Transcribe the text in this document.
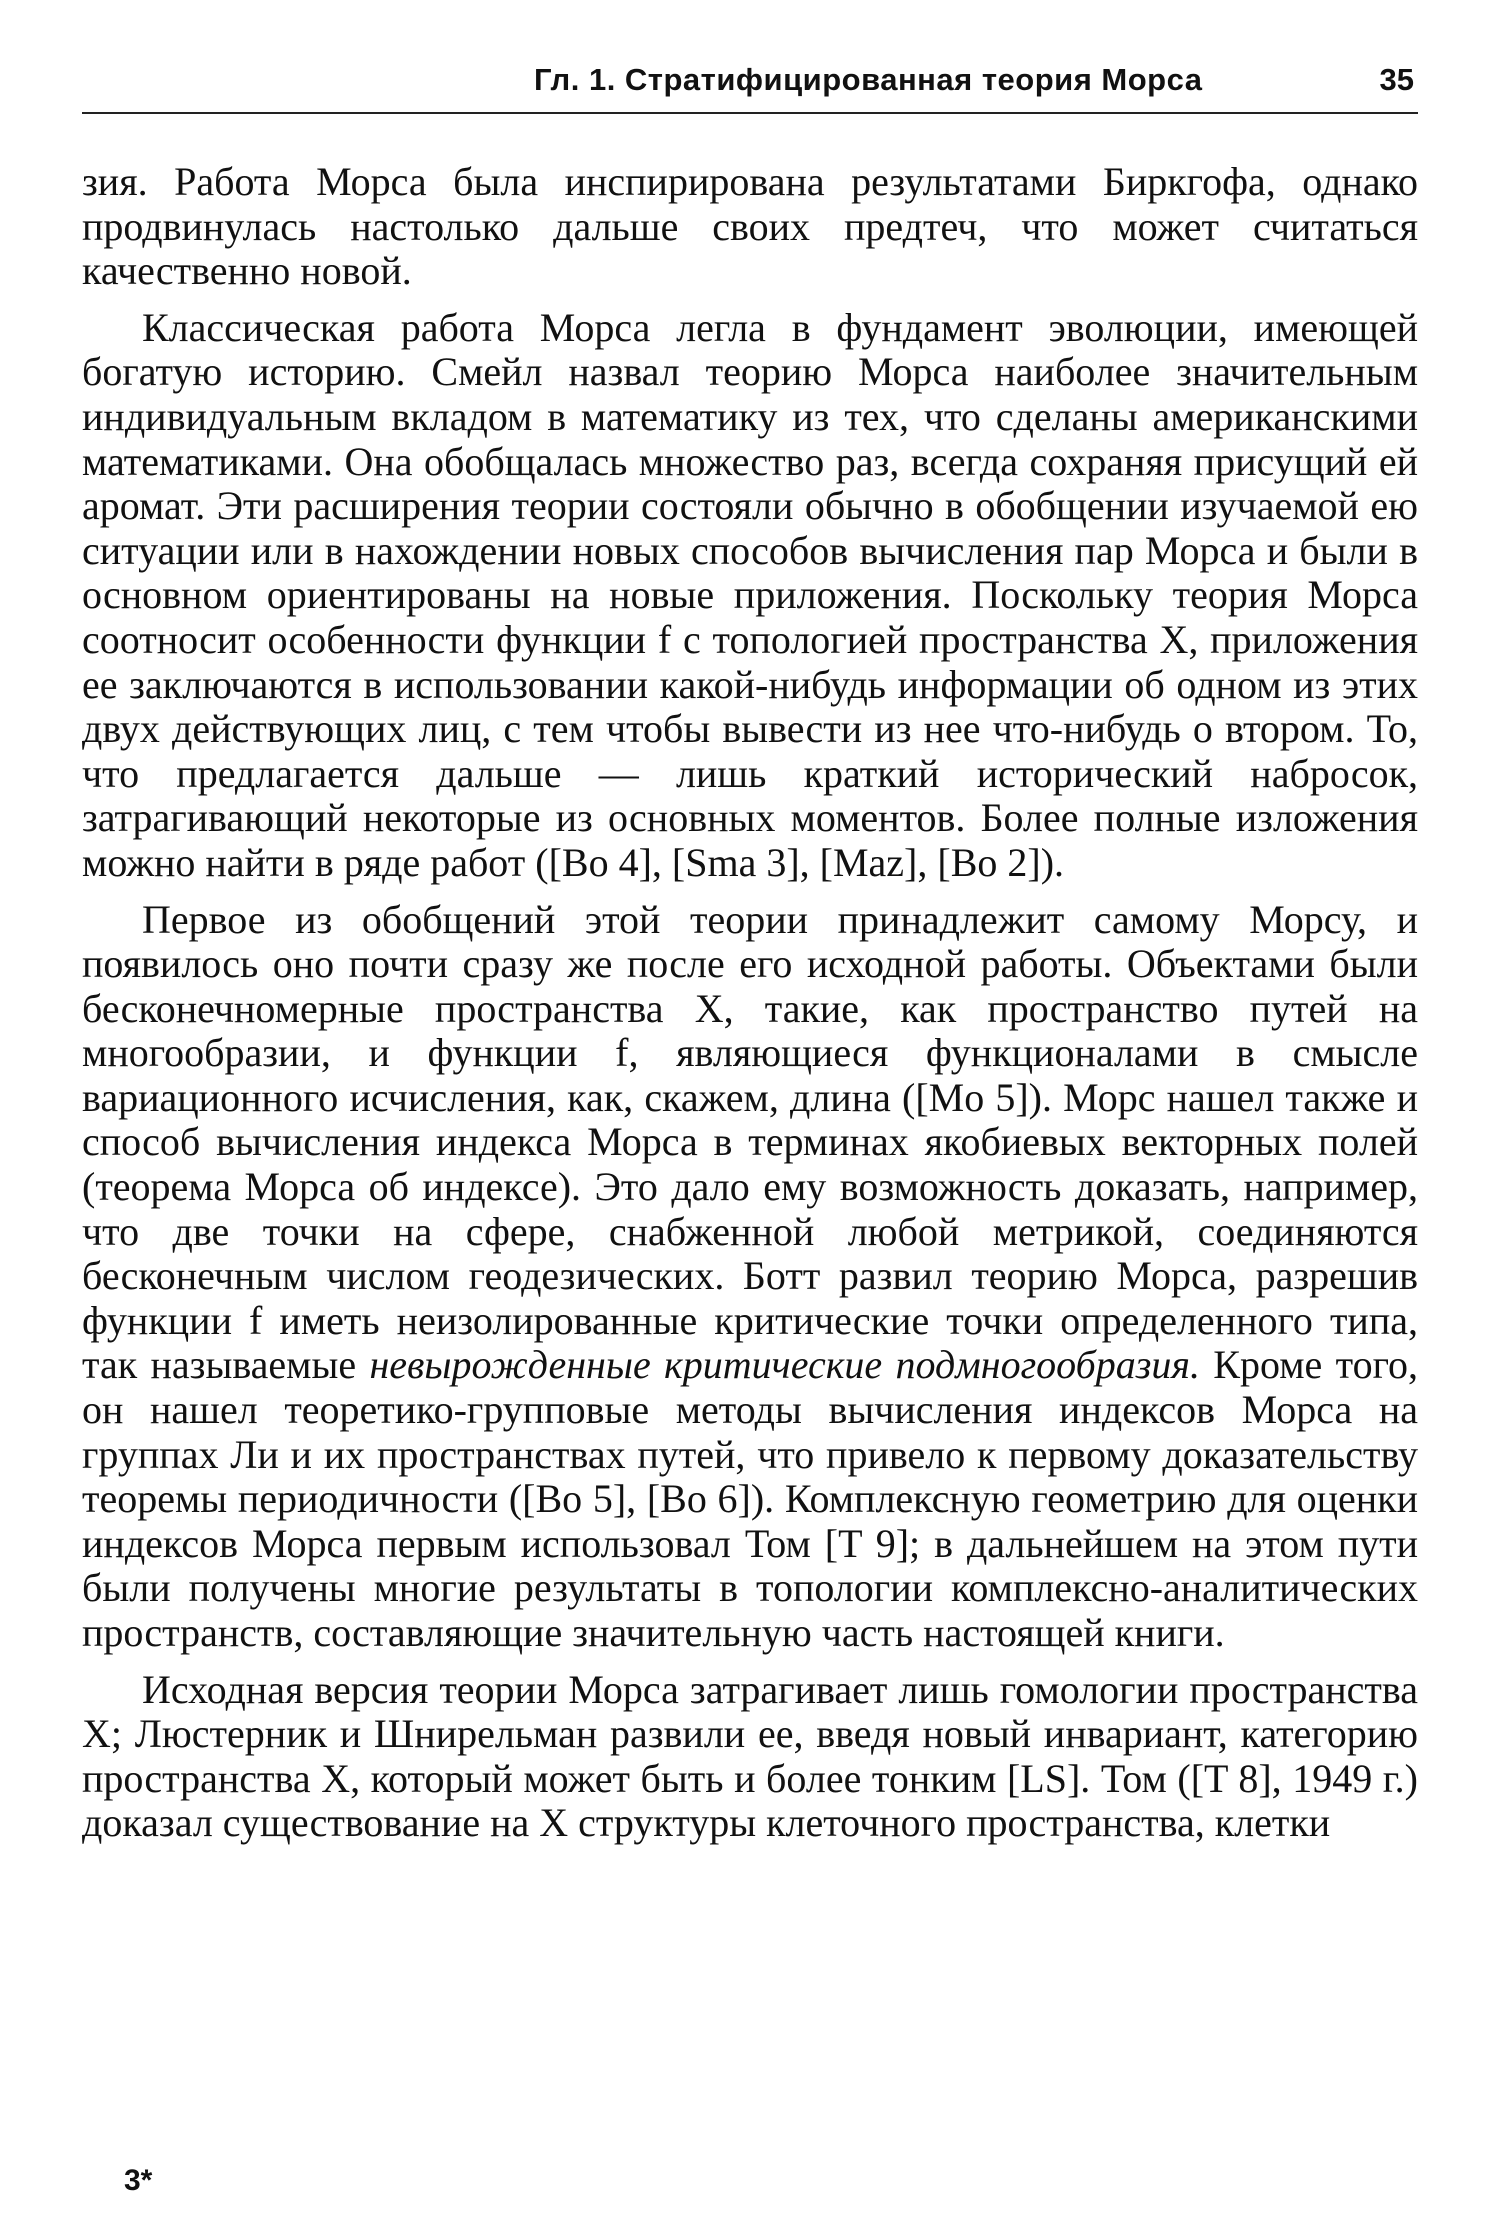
Гл. 1. Стратифицированная теория Морса	35

зия. Работа Морса была инспирирована результатами Биркгофа, однако продвинулась настолько дальше своих предтеч, что может считаться качественно новой.

Классическая работа Морса легла в фундамент эволюции, имеющей богатую историю. Смейл назвал теорию Морса наиболее значительным индивидуальным вкладом в математику из тех, что сделаны американскими математиками. Она обобщалась множество раз, всегда сохраняя присущий ей аромат. Эти расширения теории состояли обычно в обобщении изучаемой ею ситуации или в нахождении новых способов вычисления пар Морса и были в основном ориентированы на новые приложения. Поскольку теория Морса соотносит особенности функции f с топологией пространства X, приложения ее заключаются в использовании какой-нибудь информации об одном из этих двух действующих лиц, с тем чтобы вывести из нее что-нибудь о втором. То, что предлагается дальше — лишь краткий исторический набросок, затрагивающий некоторые из основных моментов. Более полные изложения можно найти в ряде работ ([Bo 4], [Sma 3], [Maz], [Bo 2]).

Первое из обобщений этой теории принадлежит самому Морсу, и появилось оно почти сразу же после его исходной работы. Объектами были бесконечномерные пространства X, такие, как пространство путей на многообразии, и функции f, являющиеся функционалами в смысле вариационного исчисления, как, скажем, длина ([Mo 5]). Морс нашел также и способ вычисления индекса Морса в терминах якобиевых векторных полей (теорема Морса об индексе). Это дало ему возможность доказать, например, что две точки на сфере, снабженной любой метрикой, соединяются бесконечным числом геодезических. Ботт развил теорию Морса, разрешив функции f иметь неизолированные критические точки определенного типа, так называемые невырожденные критические подмногообразия. Кроме того, он нашел теоретико-групповые методы вычисления индексов Морса на группах Ли и их пространствах путей, что привело к первому доказательству теоремы периодичности ([Bo 5], [Bo 6]). Комплексную геометрию для оценки индексов Морса первым использовал Том [T 9]; в дальнейшем на этом пути были получены многие результаты в топологии комплексно-аналитических пространств, составляющие значительную часть настоящей книги.

Исходная версия теории Морса затрагивает лишь гомологии пространства X; Люстерник и Шнирельман развили ее, введя новый инвариант, категорию пространства X, который может быть и более тонким [LS]. Том ([T 8], 1949 г.) доказал существование на X структуры клеточного пространства, клетки

3*
